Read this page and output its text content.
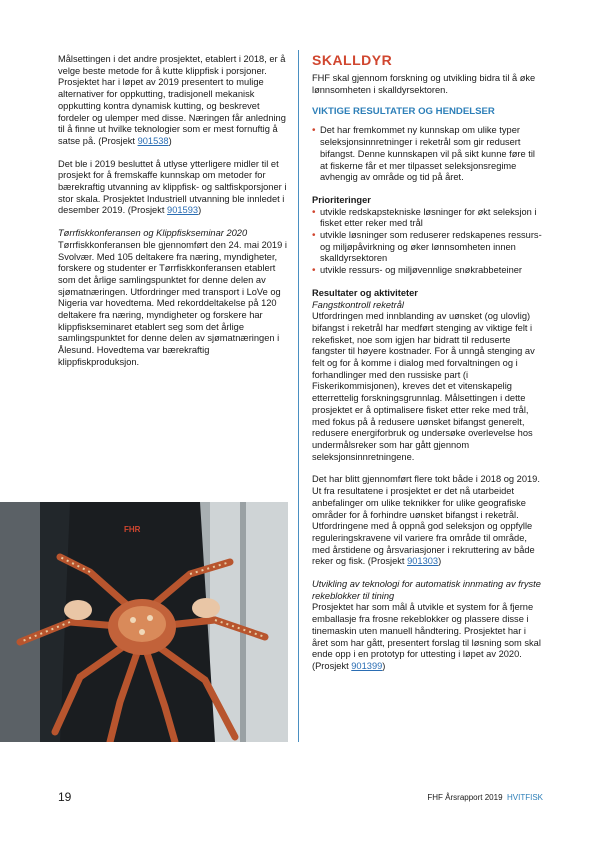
Målsettingen i det andre prosjektet, etablert i 2018, er å velge beste metode for å kutte klippfisk i porsjoner. Prosjektet har i løpet av 2019 presentert to mulige alternativer for oppkutting, tradisjonell mekanisk oppkutting kontra dynamisk kutting, og beskrevet fordeler og ulemper med disse. Næringen får anledning til å finne ut hvilke teknologier som er mest fornuftig å satse på. (Prosjekt 901538)

Det ble i 2019 besluttet å utlyse ytterligere midler til et prosjekt for å fremskaffe kunnskap om metoder for bærekraftig utvanning av klippfisk- og saltfiskporsjoner i stor skala. Prosjektet Industriell utvanning ble innledet i desember 2019. (Prosjekt 901593)

Tørrfiskkonferansen og Klippfiskseminar 2020

Tørrfiskkonferansen ble gjennomført den 24. mai 2019 i Svolvær. Med 105 deltakere fra næring, myndigheter, forskere og studenter er Tørrfiskkonferansen etablert som det årlige samlingspunktet for denne delen av sjømatnæringen. Utfordringer med transport i LoVe og Nigeria var hovedtema. Med rekorddeltakelse på 120 deltakere fra næring, myndigheter og forskere har klippfiskseminaret etablert seg som det årlige samlingspunktet for denne delen av sjømatnæringen i Ålesund. Hovedtema var bærekraftig klippfiskproduksjon.

FHR
SKALLDYR

FHF skal gjennom forskning og utvikling bidra til å øke lønnsomheten i skalldyrsektoren.

VIKTIGE RESULTATER OG HENDELSER
• Det har fremkommet ny kunnskap om ulike typer seleksjonsinnretninger i reketrål som gir redusert bifangst. Denne kunnskapen vil på sikt kunne føre til at fiskerne får et mer tilpasset seleksjonsregime avhengig av område og tid på året.
Prioriteringer
• utvikle redskapstekniske løsninger for økt seleksjon i fisket etter reker med trål
• utvikle løsninger som reduserer redskapenes ressurs- og miljøpåvirkning og øker lønnsomheten innen skalldyrsektoren
• utvikle ressurs- og miljøvennlige snøkrabbeteiner
Resultater og aktiviteter

Fangstkontroll reketrål

Utfordringen med innblanding av uønsket (og ulovlig) bifangst i reketrål har medført stenging av viktige felt i rekefisket, noe som igjen har bidratt til reduserte fangster til høyere kostnader. For å unngå stenging av felt og for å komme i dialog med forvaltningen og i forhandlinger med den russiske part (i Fiskerikommisjonen), kreves det et vitenskapelig etterrettelig forskningsgrunnlag. Målsettingen i dette prosjektet er å optimalisere fisket etter reke med trål, med fokus på å redusere uønsket bifangst generelt, redusere energiforbruk og undersøke overlevelse hos undermålsreker som har gått gjennom seleksjonsinnretningene.

Det har blitt gjennomført flere tokt både i 2018 og 2019. Ut fra resultatene i prosjektet er det nå utarbeidet anbefalinger om ulike teknikker for ulike geografiske områder for å forhindre uønsket bifangst i reketrål. Utfordringene med å oppnå god seleksjon og oppfylle reguleringskravene vil variere fra område til område, med årstidene og årsvariasjoner i rekruttering av både reker og fisk. (Prosjekt 901303)

Utvikling av teknologi for automatisk innmating av fryste rekeblokker til tining

Prosjektet har som mål å utvikle et system for å fjerne emballasje fra frosne rekeblokker og plassere disse i tinemaskin uten manuell håndtering. Prosjektet har i året som har gått, presentert forslag til løsning som skal ende opp i en prototyp for uttesting i løpet av 2020. (Prosjekt 901399)

19	FHF Årsrapport 2019 HVITFISK
